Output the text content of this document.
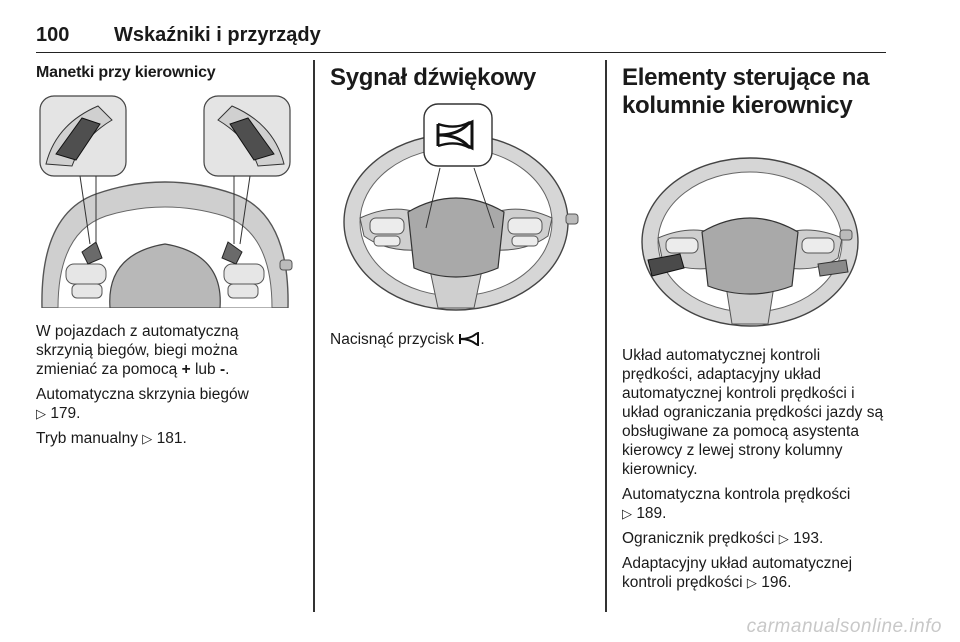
100 Wskaźniki i przyrządy
Manetki przy kierownicy

W pojazdach z automatyczną skrzynią biegów, biegi można zmieniać za pomocą + lub -.

Automatyczna skrzynia biegów
▷ 179.

Tryb manualny ▷ 181.

Sygnał dźwiękowy

Nacisnąć przycisk .

Elementy sterujące na
kolumnie kierownicy

Układ automatycznej kontroli prędkości, adaptacyjny układ automatycznej kontroli prędkości i układ ograniczania prędkości jazdy są obsługiwane za pomocą asystenta kierowcy z lewej strony kolumny kierownicy.

Automatyczna kontrola prędkości
▷ 189.

Ogranicznik prędkości ▷ 193.

Adaptacyjny układ automatycznej kontroli prędkości ▷ 196.

carmanualsonline.info
